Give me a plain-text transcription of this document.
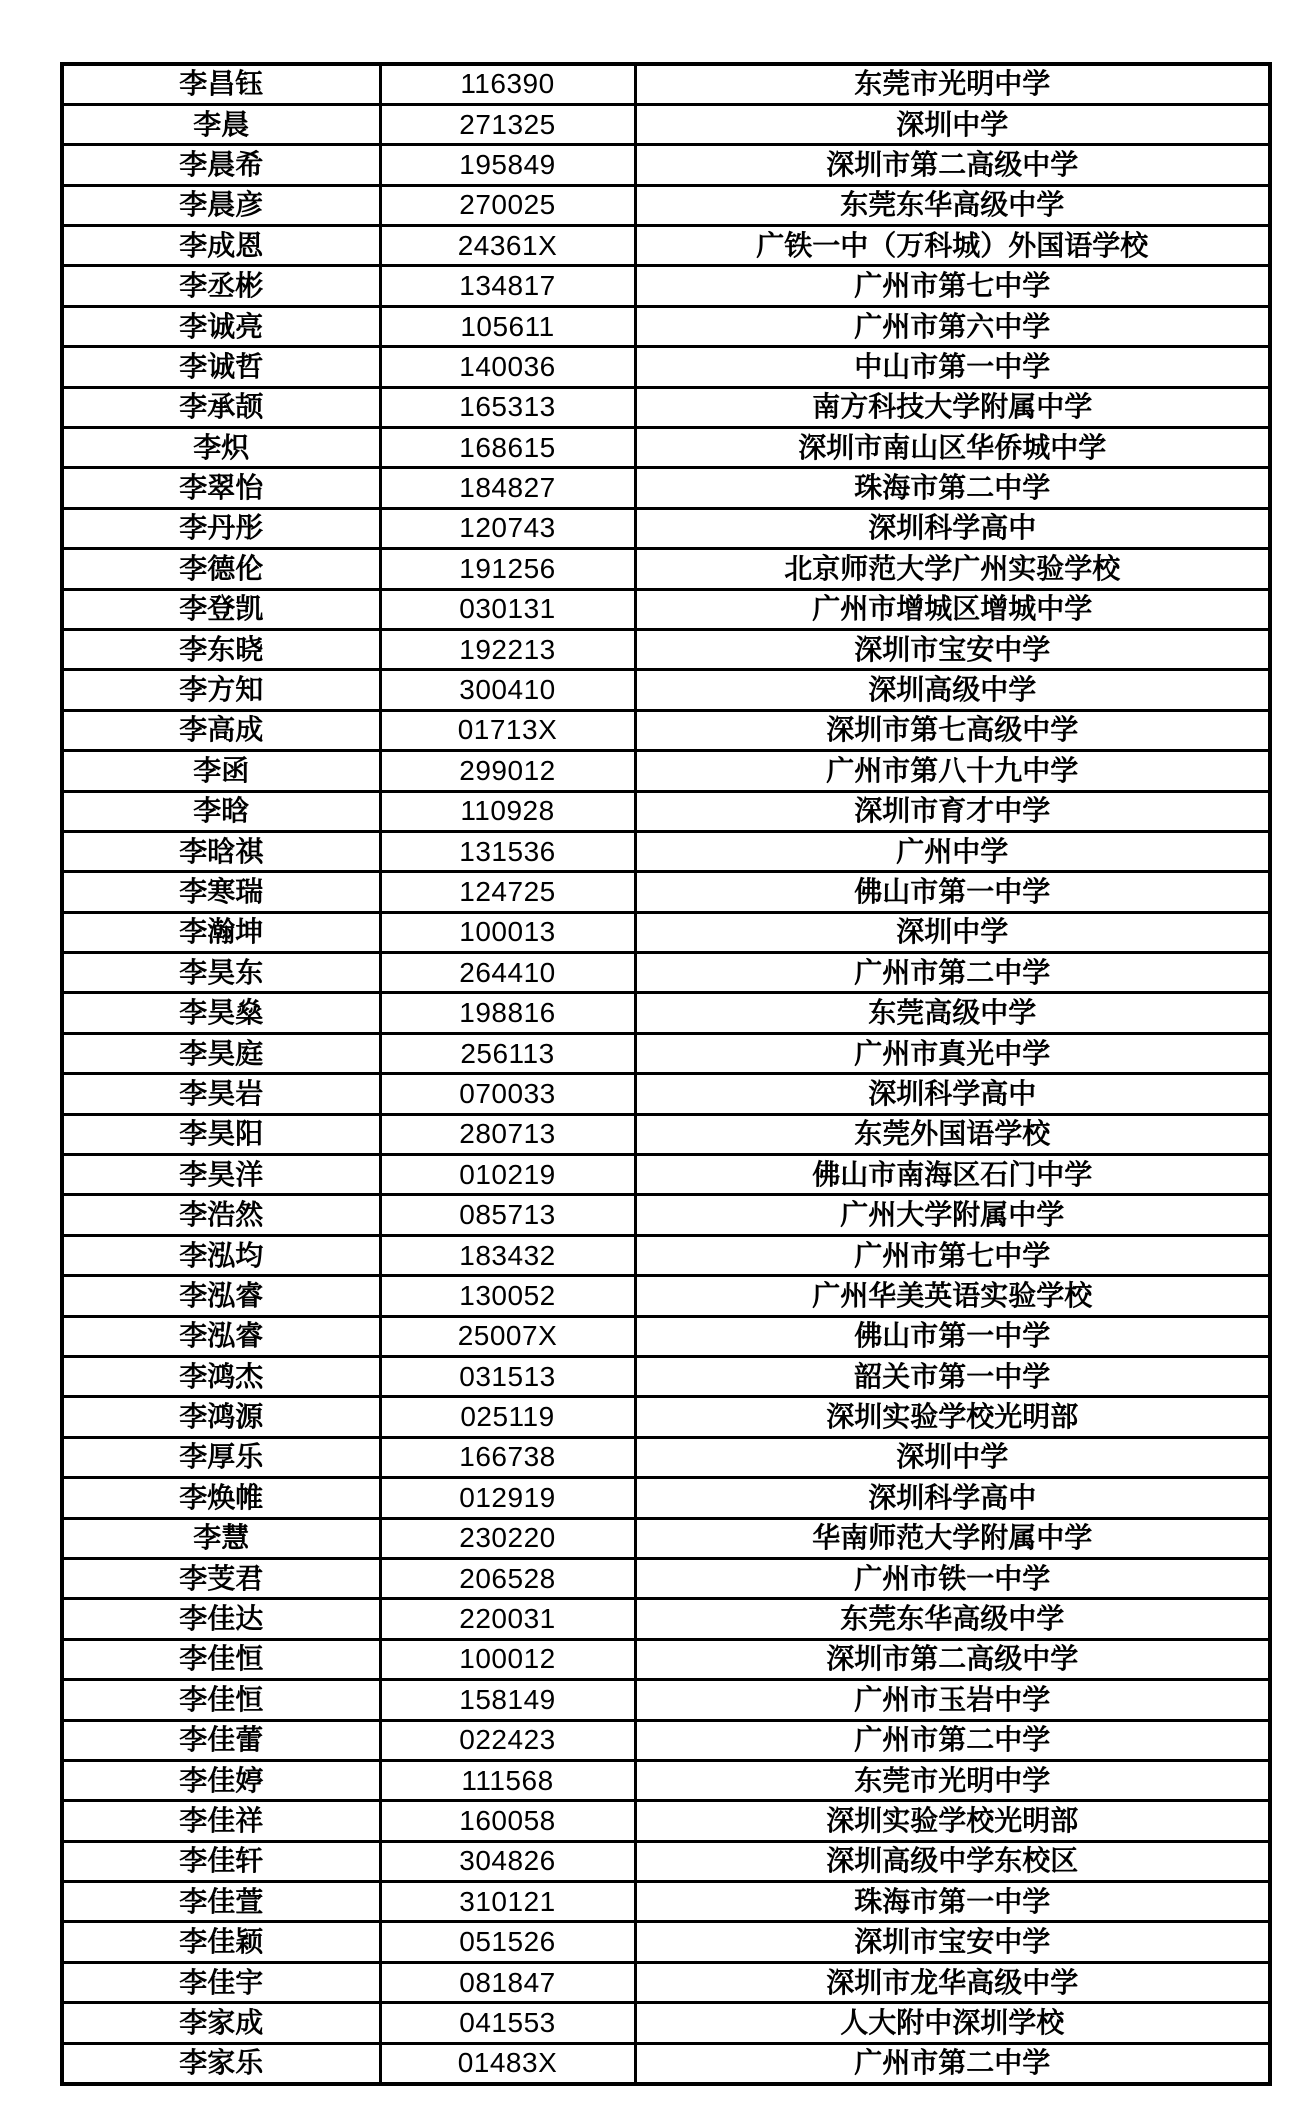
李昌钰	116390	东莞市光明中学
李晨	271325	深圳中学
李晨希	195849	深圳市第二高级中学
李晨彦	270025	东莞东华高级中学
李成恩	24361X	广铁一中（万科城）外国语学校
李丞彬	134817	广州市第七中学
李诚亮	105611	广州市第六中学
李诚哲	140036	中山市第一中学
李承颉	165313	南方科技大学附属中学
李炽	168615	深圳市南山区华侨城中学
李翠怡	184827	珠海市第二中学
李丹彤	120743	深圳科学高中
李德伦	191256	北京师范大学广州实验学校
李登凯	030131	广州市增城区增城中学
李东晓	192213	深圳市宝安中学
李方知	300410	深圳高级中学
李高成	01713X	深圳市第七高级中学
李函	299012	广州市第八十九中学
李晗	110928	深圳市育才中学
李晗祺	131536	广州中学
李寒瑞	124725	佛山市第一中学
李瀚坤	100013	深圳中学
李昊东	264410	广州市第二中学
李昊燊	198816	东莞高级中学
李昊庭	256113	广州市真光中学
李昊岩	070033	深圳科学高中
李昊阳	280713	东莞外国语学校
李昊洋	010219	佛山市南海区石门中学
李浩然	085713	广州大学附属中学
李泓均	183432	广州市第七中学
李泓睿	130052	广州华美英语实验学校
李泓睿	25007X	佛山市第一中学
李鸿杰	031513	韶关市第一中学
李鸿源	025119	深圳实验学校光明部
李厚乐	166738	深圳中学
李焕帷	012919	深圳科学高中
李慧	230220	华南师范大学附属中学
李芰君	206528	广州市铁一中学
李佳达	220031	东莞东华高级中学
李佳恒	100012	深圳市第二高级中学
李佳恒	158149	广州市玉岩中学
李佳蕾	022423	广州市第二中学
李佳婷	111568	东莞市光明中学
李佳祥	160058	深圳实验学校光明部
李佳轩	304826	深圳高级中学东校区
李佳萱	310121	珠海市第一中学
李佳颖	051526	深圳市宝安中学
李佳宇	081847	深圳市龙华高级中学
李家成	041553	人大附中深圳学校
李家乐	01483X	广州市第二中学
